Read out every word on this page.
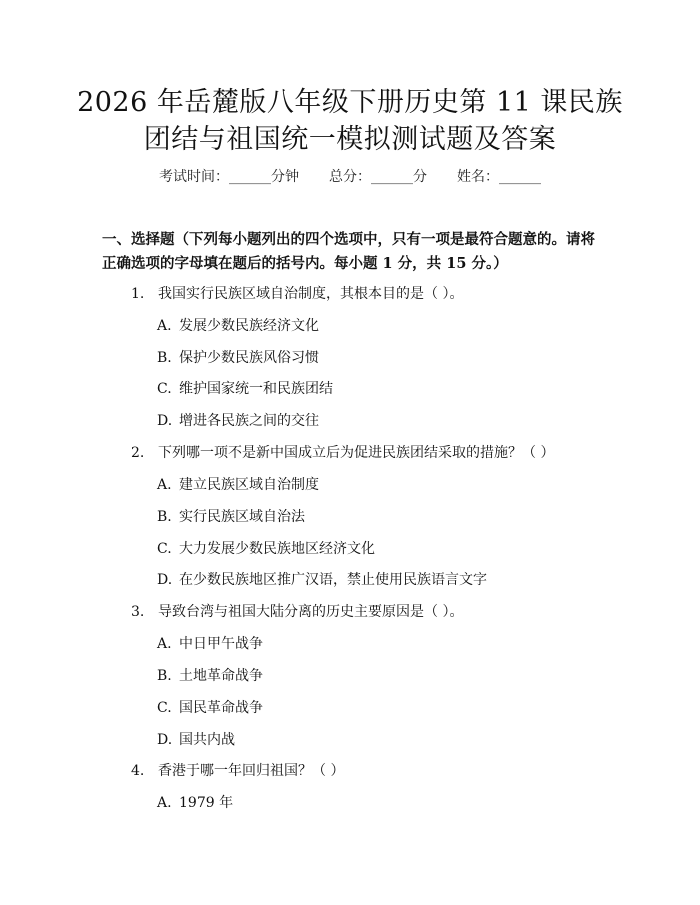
2026 年岳麓版八年级下册历史第 11 课民族
团结与祖国统一模拟测试题及答案
考试时间：______分钟 总分：______分 姓名：______
一、选择题（下列每小题列出的四个选项中，只有一项是最符合题意的。请将正确选项的字母填在题后的括号内。每小题 1 分，共 15 分。）
1. 我国实行民族区域自治制度，其根本目的是（ ）。
A. 发展少数民族经济文化
B. 保护少数民族风俗习惯
C. 维护国家统一和民族团结
D. 增进各民族之间的交往
2. 下列哪一项不是新中国成立后为促进民族团结采取的措施？（ ）
A. 建立民族区域自治制度
B. 实行民族区域自治法
C. 大力发展少数民族地区经济文化
D. 在少数民族地区推广汉语，禁止使用民族语言文字
3. 导致台湾与祖国大陆分离的历史主要原因是（ ）。
A. 中日甲午战争
B. 土地革命战争
C. 国民革命战争
D. 国共内战
4. 香港于哪一年回归祖国？（ ）
A. 1979 年
